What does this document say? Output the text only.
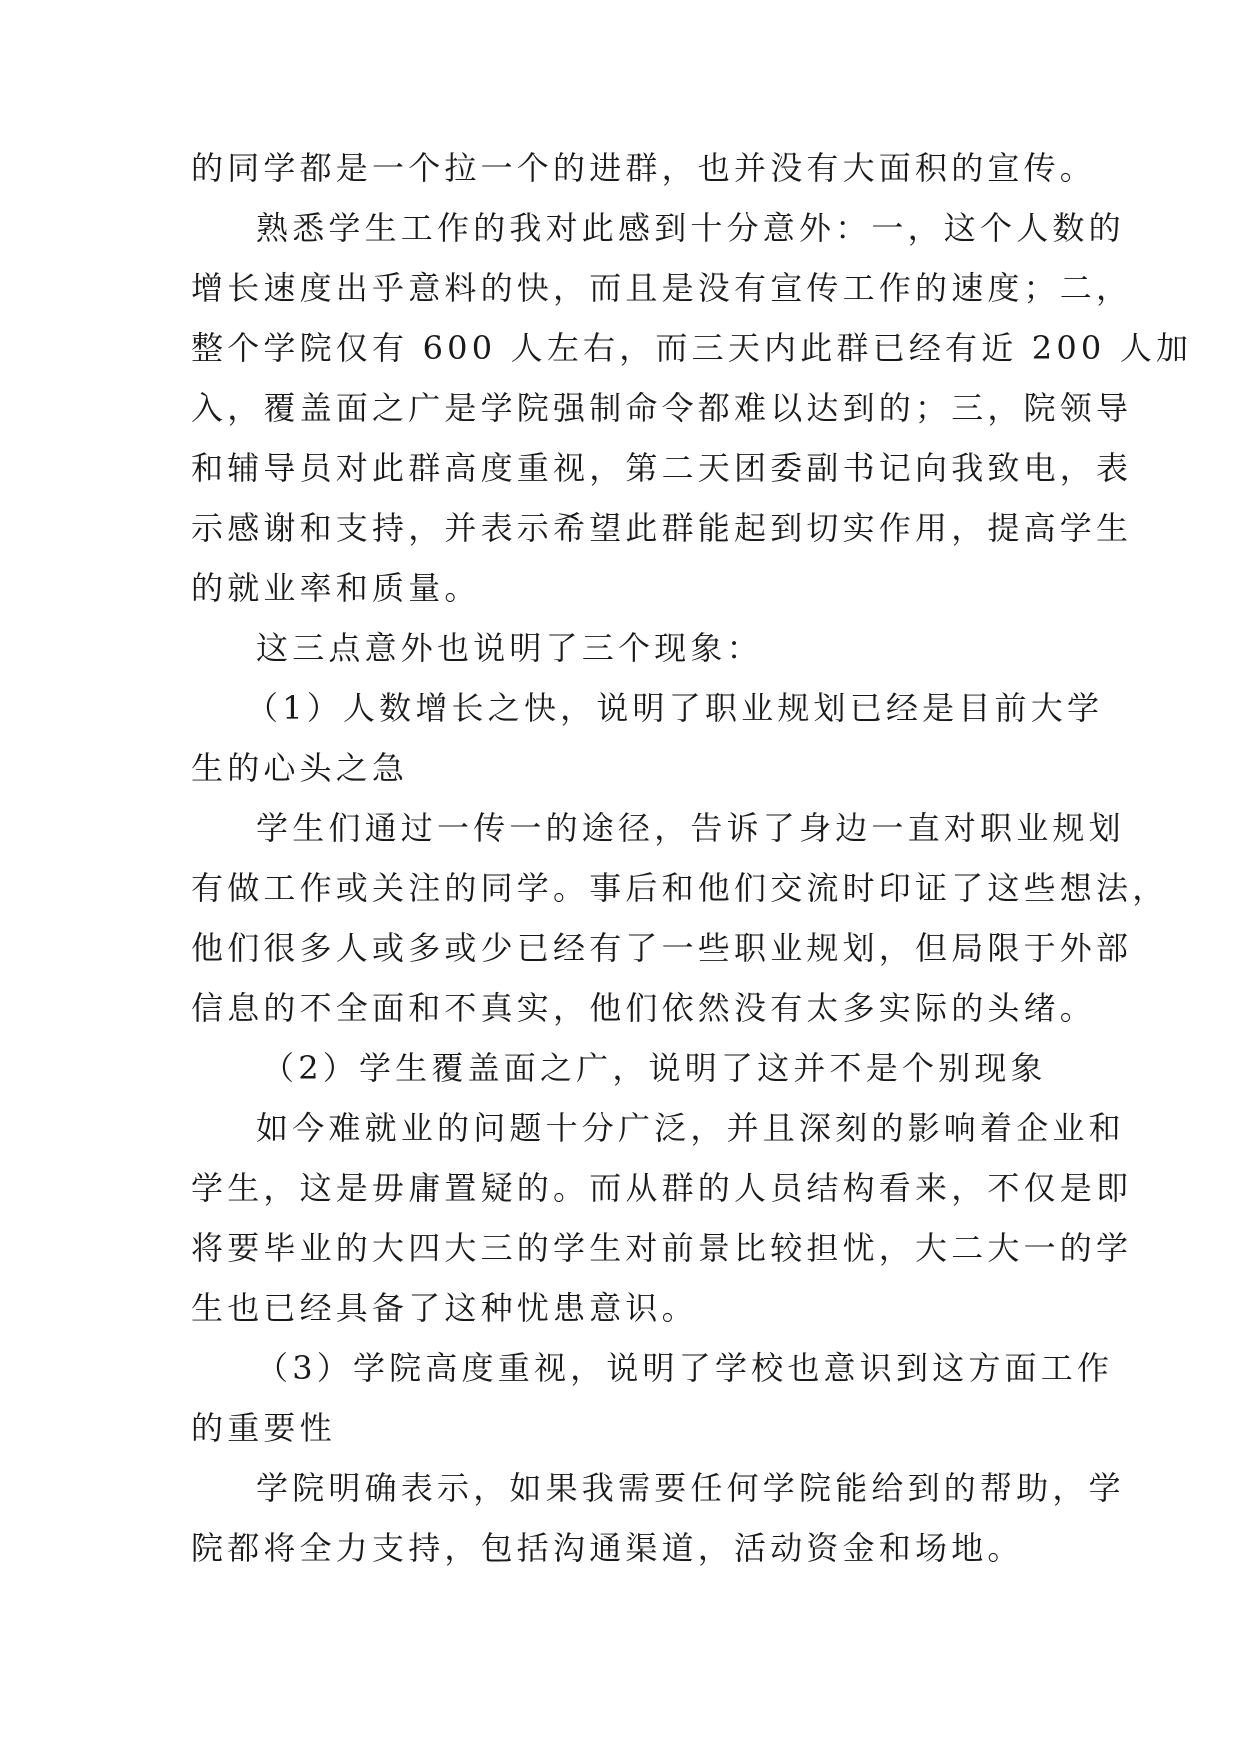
的同学都是一个拉一个的进群，也并没有大面积的宣传。
熟悉学生工作的我对此感到十分意外：一，这个人数的
增长速度出乎意料的快，而且是没有宣传工作的速度；二，
整个学院仅有 600 人左右，而三天内此群已经有近 200 人加
入，覆盖面之广是学院强制命令都难以达到的；三，院领导
和辅导员对此群高度重视，第二天团委副书记向我致电，表
示感谢和支持，并表示希望此群能起到切实作用，提高学生
的就业率和质量。
这三点意外也说明了三个现象：
（1）人数增长之快，说明了职业规划已经是目前大学
生的心头之急
学生们通过一传一的途径，告诉了身边一直对职业规划
有做工作或关注的同学。事后和他们交流时印证了这些想法，
他们很多人或多或少已经有了一些职业规划，但局限于外部
信息的不全面和不真实，他们依然没有太多实际的头绪。
（2）学生覆盖面之广，说明了这并不是个别现象
如今难就业的问题十分广泛，并且深刻的影响着企业和
学生，这是毋庸置疑的。而从群的人员结构看来，不仅是即
将要毕业的大四大三的学生对前景比较担忧，大二大一的学
生也已经具备了这种忧患意识。
（3）学院高度重视，说明了学校也意识到这方面工作
的重要性
学院明确表示，如果我需要任何学院能给到的帮助，学
院都将全力支持，包括沟通渠道，活动资金和场地。
